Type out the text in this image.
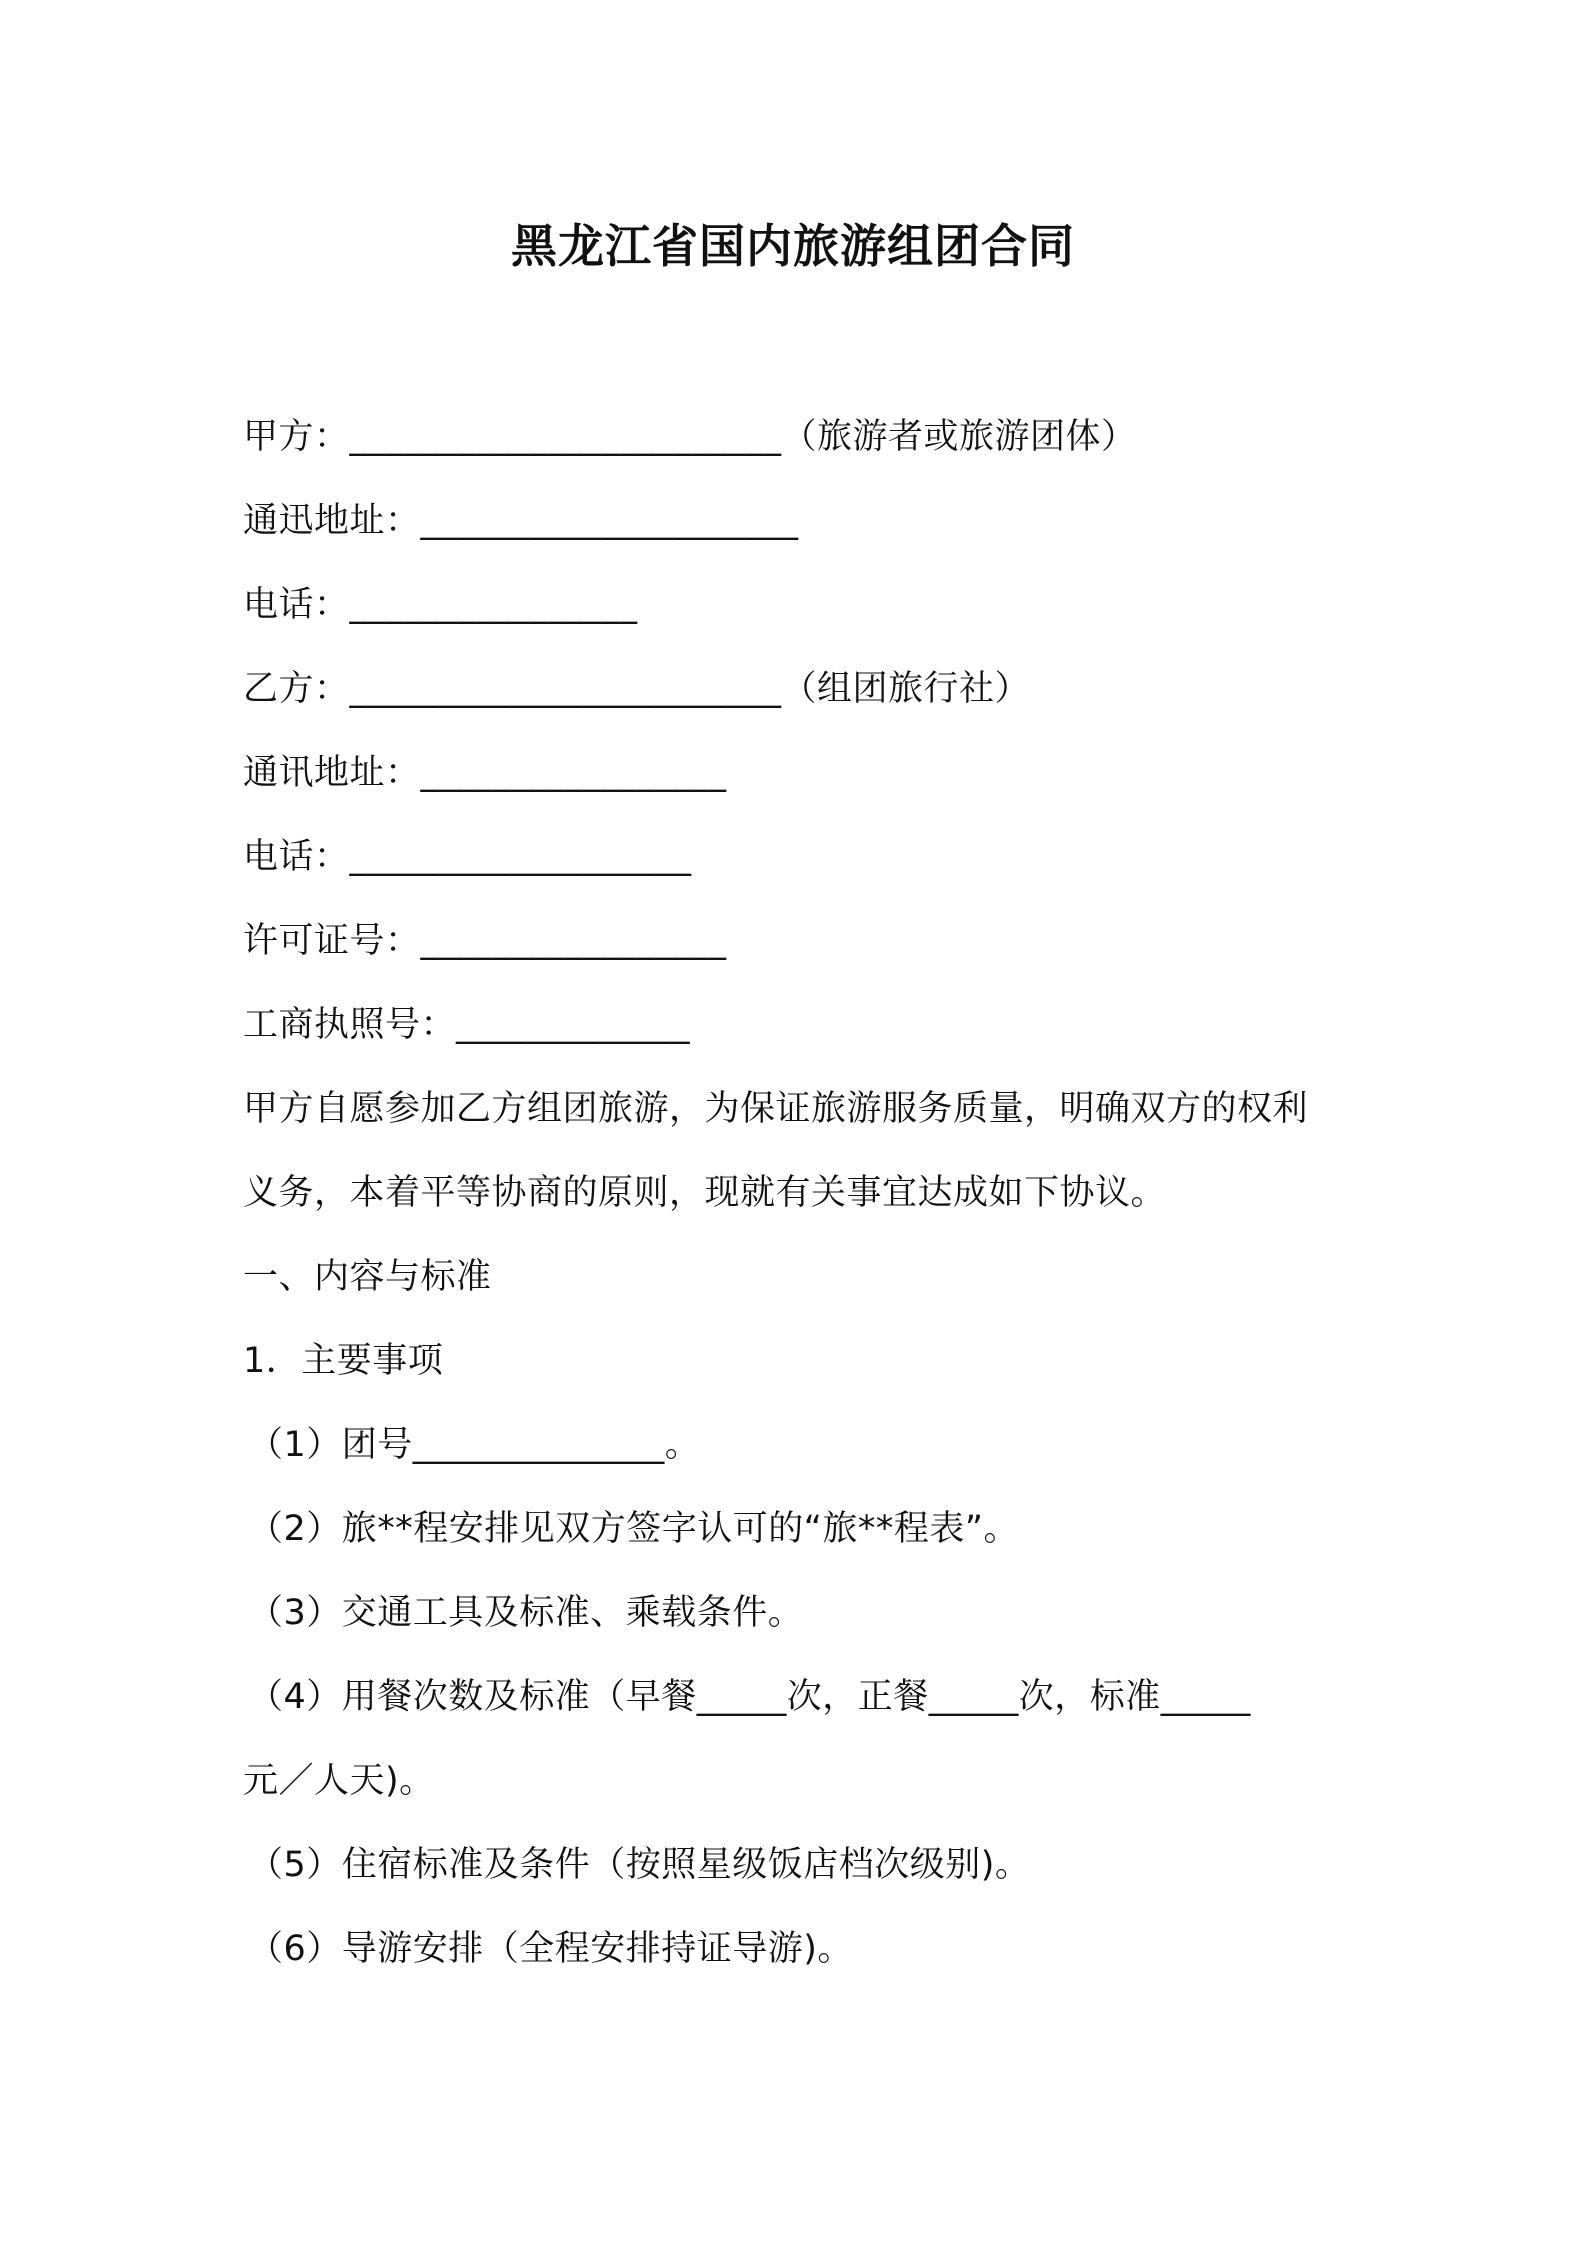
黑龙江省国内旅游组团合同
甲方：________________________（旅游者或旅游团体）
通迅地址：_____________________
电话：________________
乙方：________________________（组团旅行社）
通讯地址：_________________
电话：___________________
许可证号：_________________
工商执照号：_____________
甲方自愿参加乙方组团旅游，为保证旅游服务质量，明确双方的权利
义务，本着平等协商的原则，现就有关事宜达成如下协议。
一、内容与标准
1．主要事项
（1）团号______________。
（2）旅**程安排见双方签字认可的“旅**程表”。
（3）交通工具及标准、乘载条件。
（4）用餐次数及标准（早餐_____次，正餐_____次，标准_____
元／人天)。
（5）住宿标准及条件（按照星级饭店档次级别)。
（6）导游安排（全程安排持证导游)。
